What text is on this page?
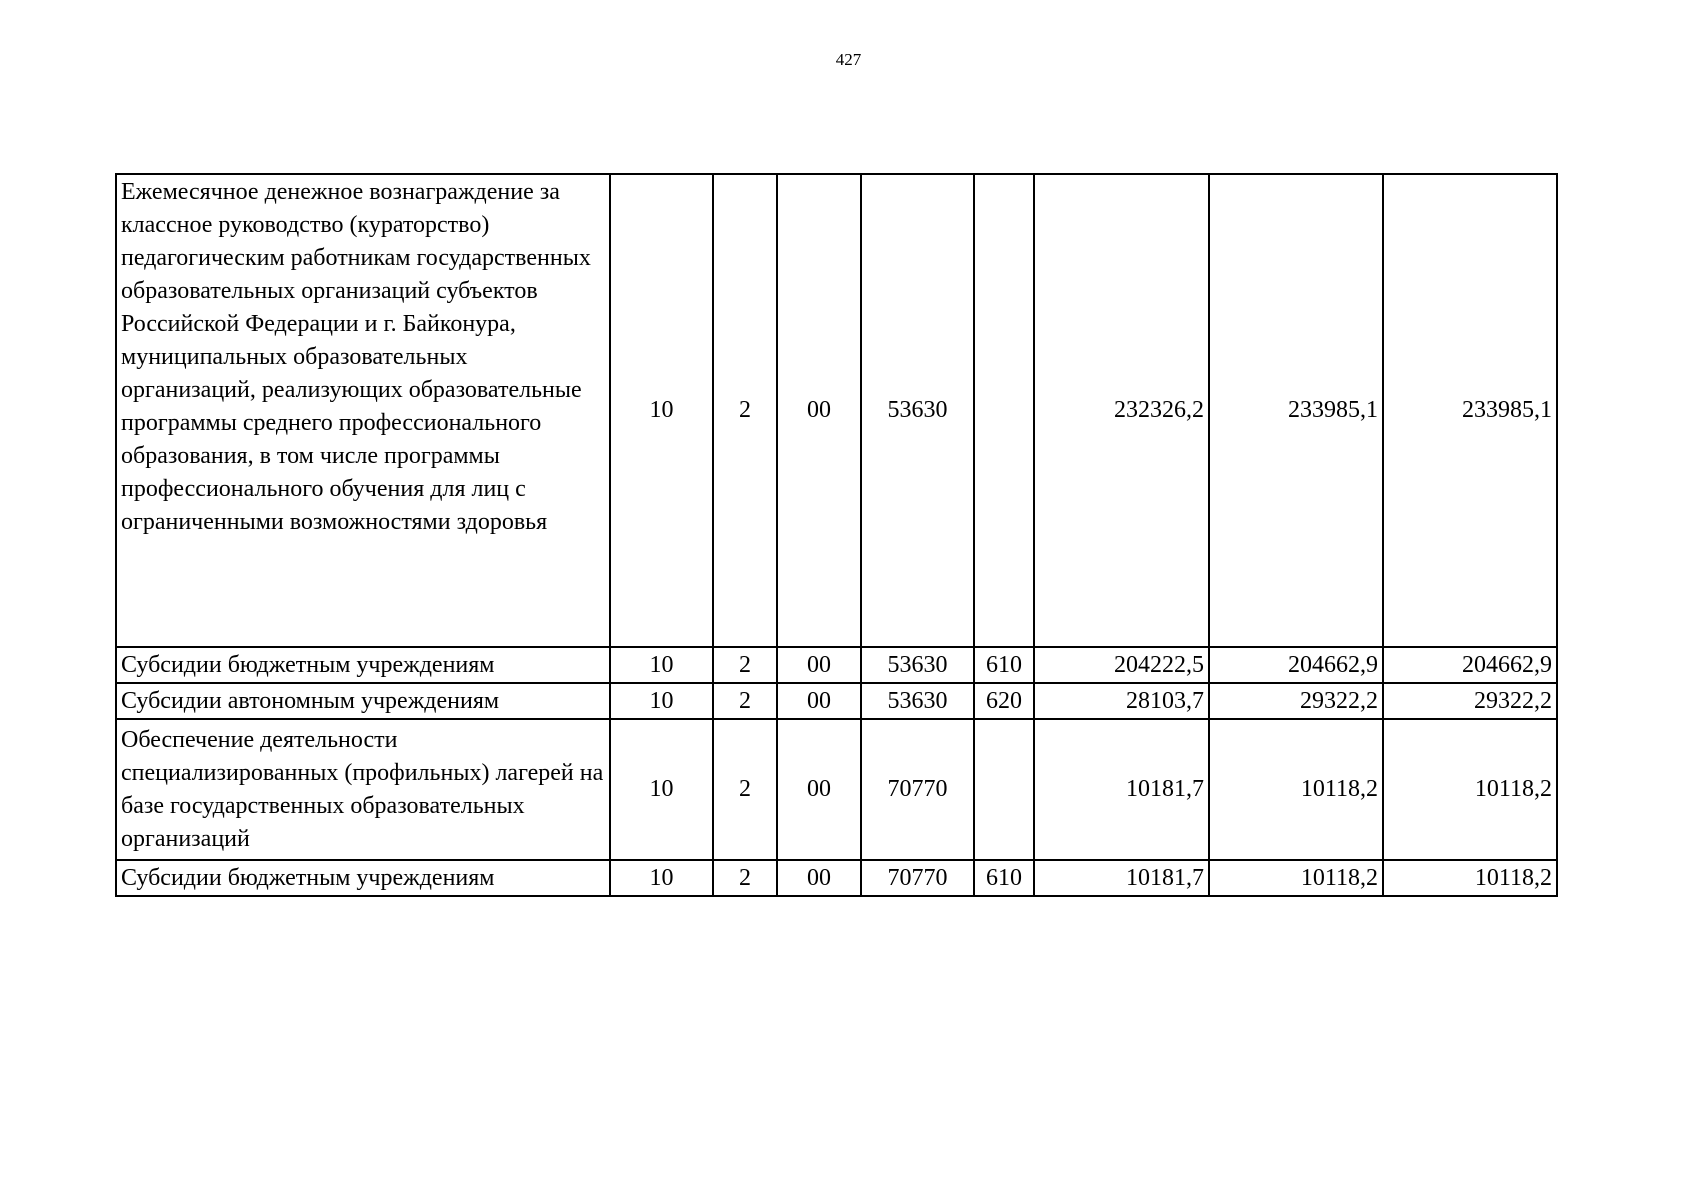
427
Ежемесячное денежное вознаграждение за классное руководство (кураторство) педагогическим работникам государственных образовательных организаций субъектов Российской Федерации и г. Байконура, муниципальных образовательных организаций, реализующих образовательные программы среднего профессионального образования, в том числе программы профессионального обучения для лиц с ограниченными возможностями здоровья	10	2	00	53630		232326,2	233985,1	233985,1
Субсидии бюджетным учреждениям	10	2	00	53630	610	204222,5	204662,9	204662,9
Субсидии автономным учреждениям	10	2	00	53630	620	28103,7	29322,2	29322,2
Обеспечение деятельности специализированных (профильных) лагерей на базе государственных образовательных организаций	10	2	00	70770		10181,7	10118,2	10118,2
Субсидии бюджетным учреждениям	10	2	00	70770	610	10181,7	10118,2	10118,2
